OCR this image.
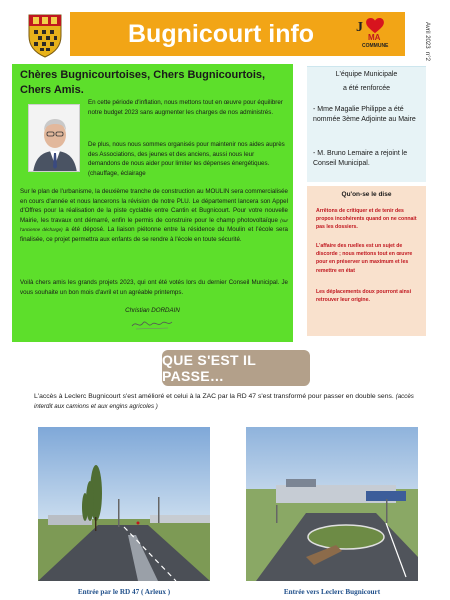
Bugnicourt info	J
MA
COMMUNE	Avril 2023  n°2
Chères Bugnicourtoises, Chers Bugnicourtois, Chers Amis.
En cette période d'inflation, nous mettons tout en œuvre pour équilibrer notre budget 2023 sans augmenter les charges de nos administrés.
De plus, nous nous sommes organisés pour maintenir nos aides auprès des Associations, des jeunes et des anciens, aussi nous leur demandons de nous aider pour limiter les dépenses énergétiques. (chauffage, éclairage
Sur le plan de l'urbanisme, la deuxième tranche de construction au MOULIN sera commercialisée en cours d'année et nous lancerons la révision de notre PLU. Le département lancera son Appel d'Offres pour la réalisation de la piste cyclable entre Cantin et Bugnicourt. Pour votre nouvelle Mairie, les travaux ont démarré, enfin le permis de construire pour le champ photovoltaïque (sur l'ancienne décharge) a été déposé. La liaison piétonne entre la résidence du Moulin et l'école sera finalisée, ce projet permettra aux enfants de se rendre à l'école en toute sécurité.
Voilà chers amis les grands projets 2023, qui ont été votés lors du dernier Conseil Municipal. Je vous souhaite un bon mois d'avril et un agréable printemps.
Christian DORDAIN
L'équipe Municipale
a été renforcée
- Mme Magalie Philippe a été nommée 3ème Adjointe au Maire
- M. Bruno Lemaire a rejoint le Conseil Municipal.
Qu'on-se le dise
Arrêtons de critiquer et de tenir des propos incohérents quand on ne connait pas les dossiers.
L'affaire des ruelles est un sujet de discorde ; nous mettons tout en œuvre pour en préserver un maximum et les remettre en état
Les déplacements doux pourront ainsi retrouver leur origine.
QUE S'EST IL PASSE…
L'accès à Leclerc Bugnicourt s'est amélioré et celui à la ZAC par la RD 47 s'est transformé pour passer en double sens. (accès interdit aux camions et aux engins agricoles )
Entrée par le RD 47 ( Arleux )	Entrée vers Leclerc Bugnicourt
